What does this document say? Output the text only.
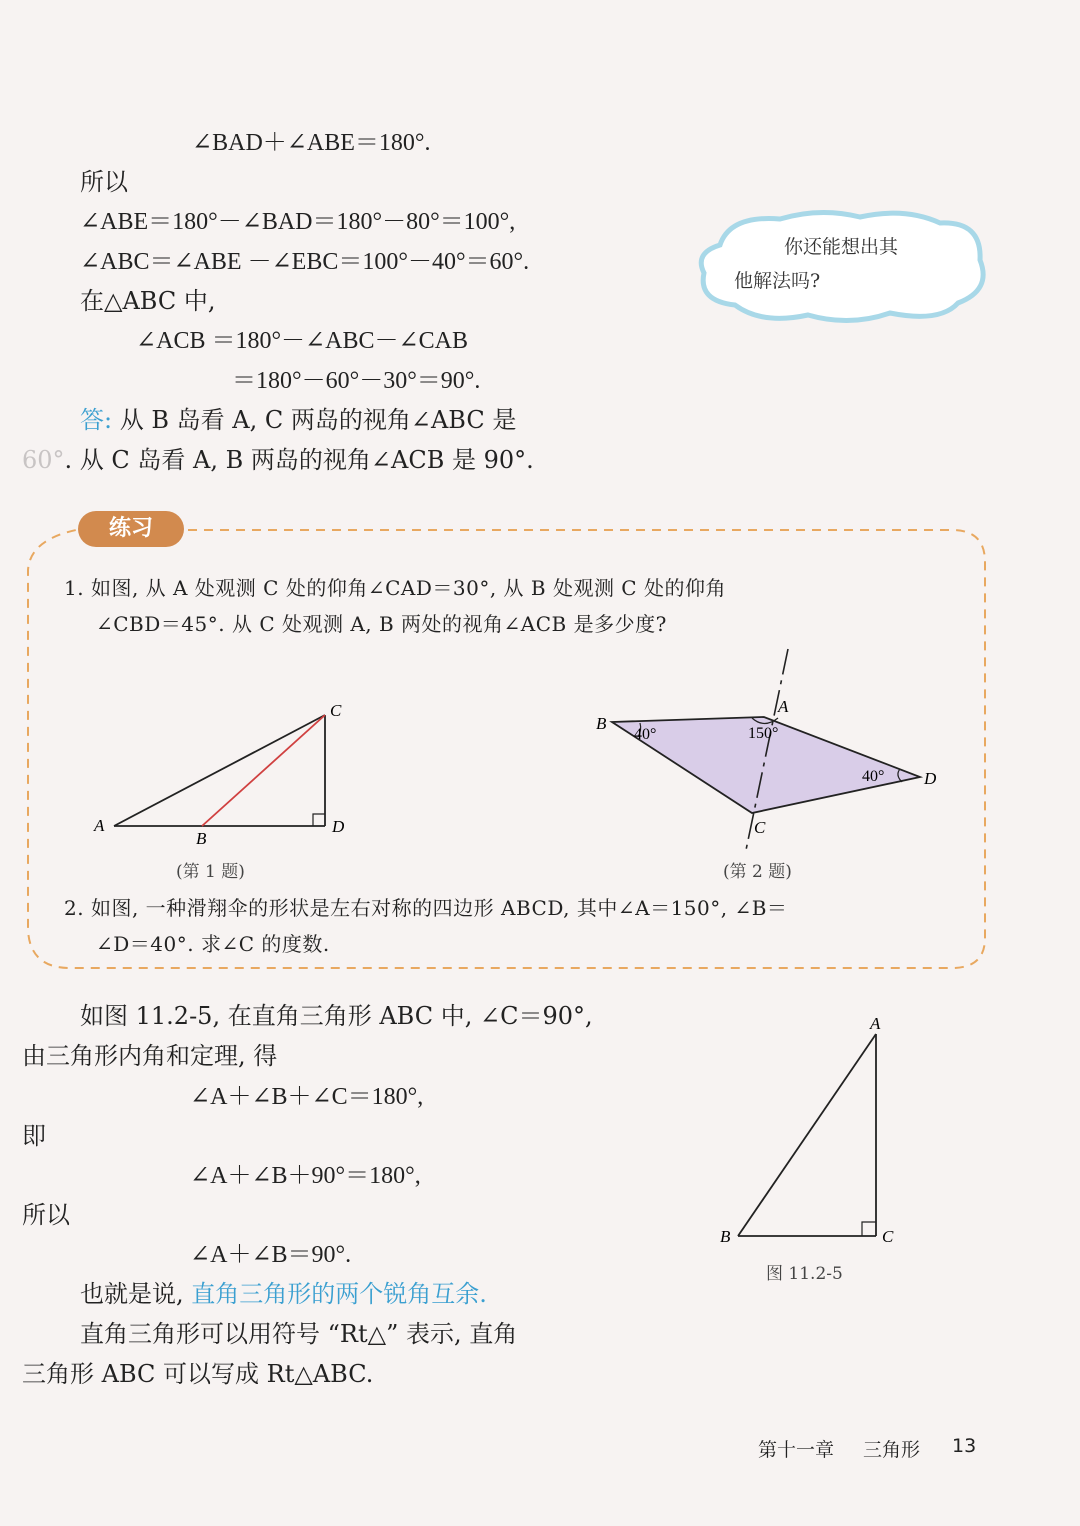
∠BAD＋∠ABE＝180°.
所以
∠ABE＝180°－∠BAD＝180°－80°＝100°,
∠ABC＝∠ABE －∠EBC＝100°－40°＝60°.
在△ABC 中,
∠ACB ＝180°－∠ABC－∠CAB
＝180°－60°－30°＝90°.
答: 从 B 岛看 A, C 两岛的视角∠ABC 是
60°. 从 C 岛看 A, B 两岛的视角∠ACB 是 90°.
你还能想出其
他解法吗?
练习
1. 如图, 从 A 处观测 C 处的仰角∠CAD＝30°, 从 B 处观测 C 处的仰角
∠CBD＝45°. 从 C 处观测 A, B 两处的视角∠ACB 是多少度?
A
B
C
D
(第 1 题)
B
A
D
C
40°	150°
40°
(第 2 题)
2. 如图, 一种滑翔伞的形状是左右对称的四边形 ABCD, 其中∠A＝150°, ∠B＝
∠D＝40°. 求∠C 的度数.
如图 11.2-5, 在直角三角形 ABC 中, ∠C＝90°,
由三角形内角和定理, 得
∠A＋∠B＋∠C＝180°,
即
∠A＋∠B＋90°＝180°,
所以
∠A＋∠B＝90°.
也就是说, 直角三角形的两个锐角互余.
直角三角形可以用符号 “Rt△” 表示, 直角
三角形 ABC 可以写成 Rt△ABC.
A
B	C
图 11.2-5
第十一章 三角形 13
